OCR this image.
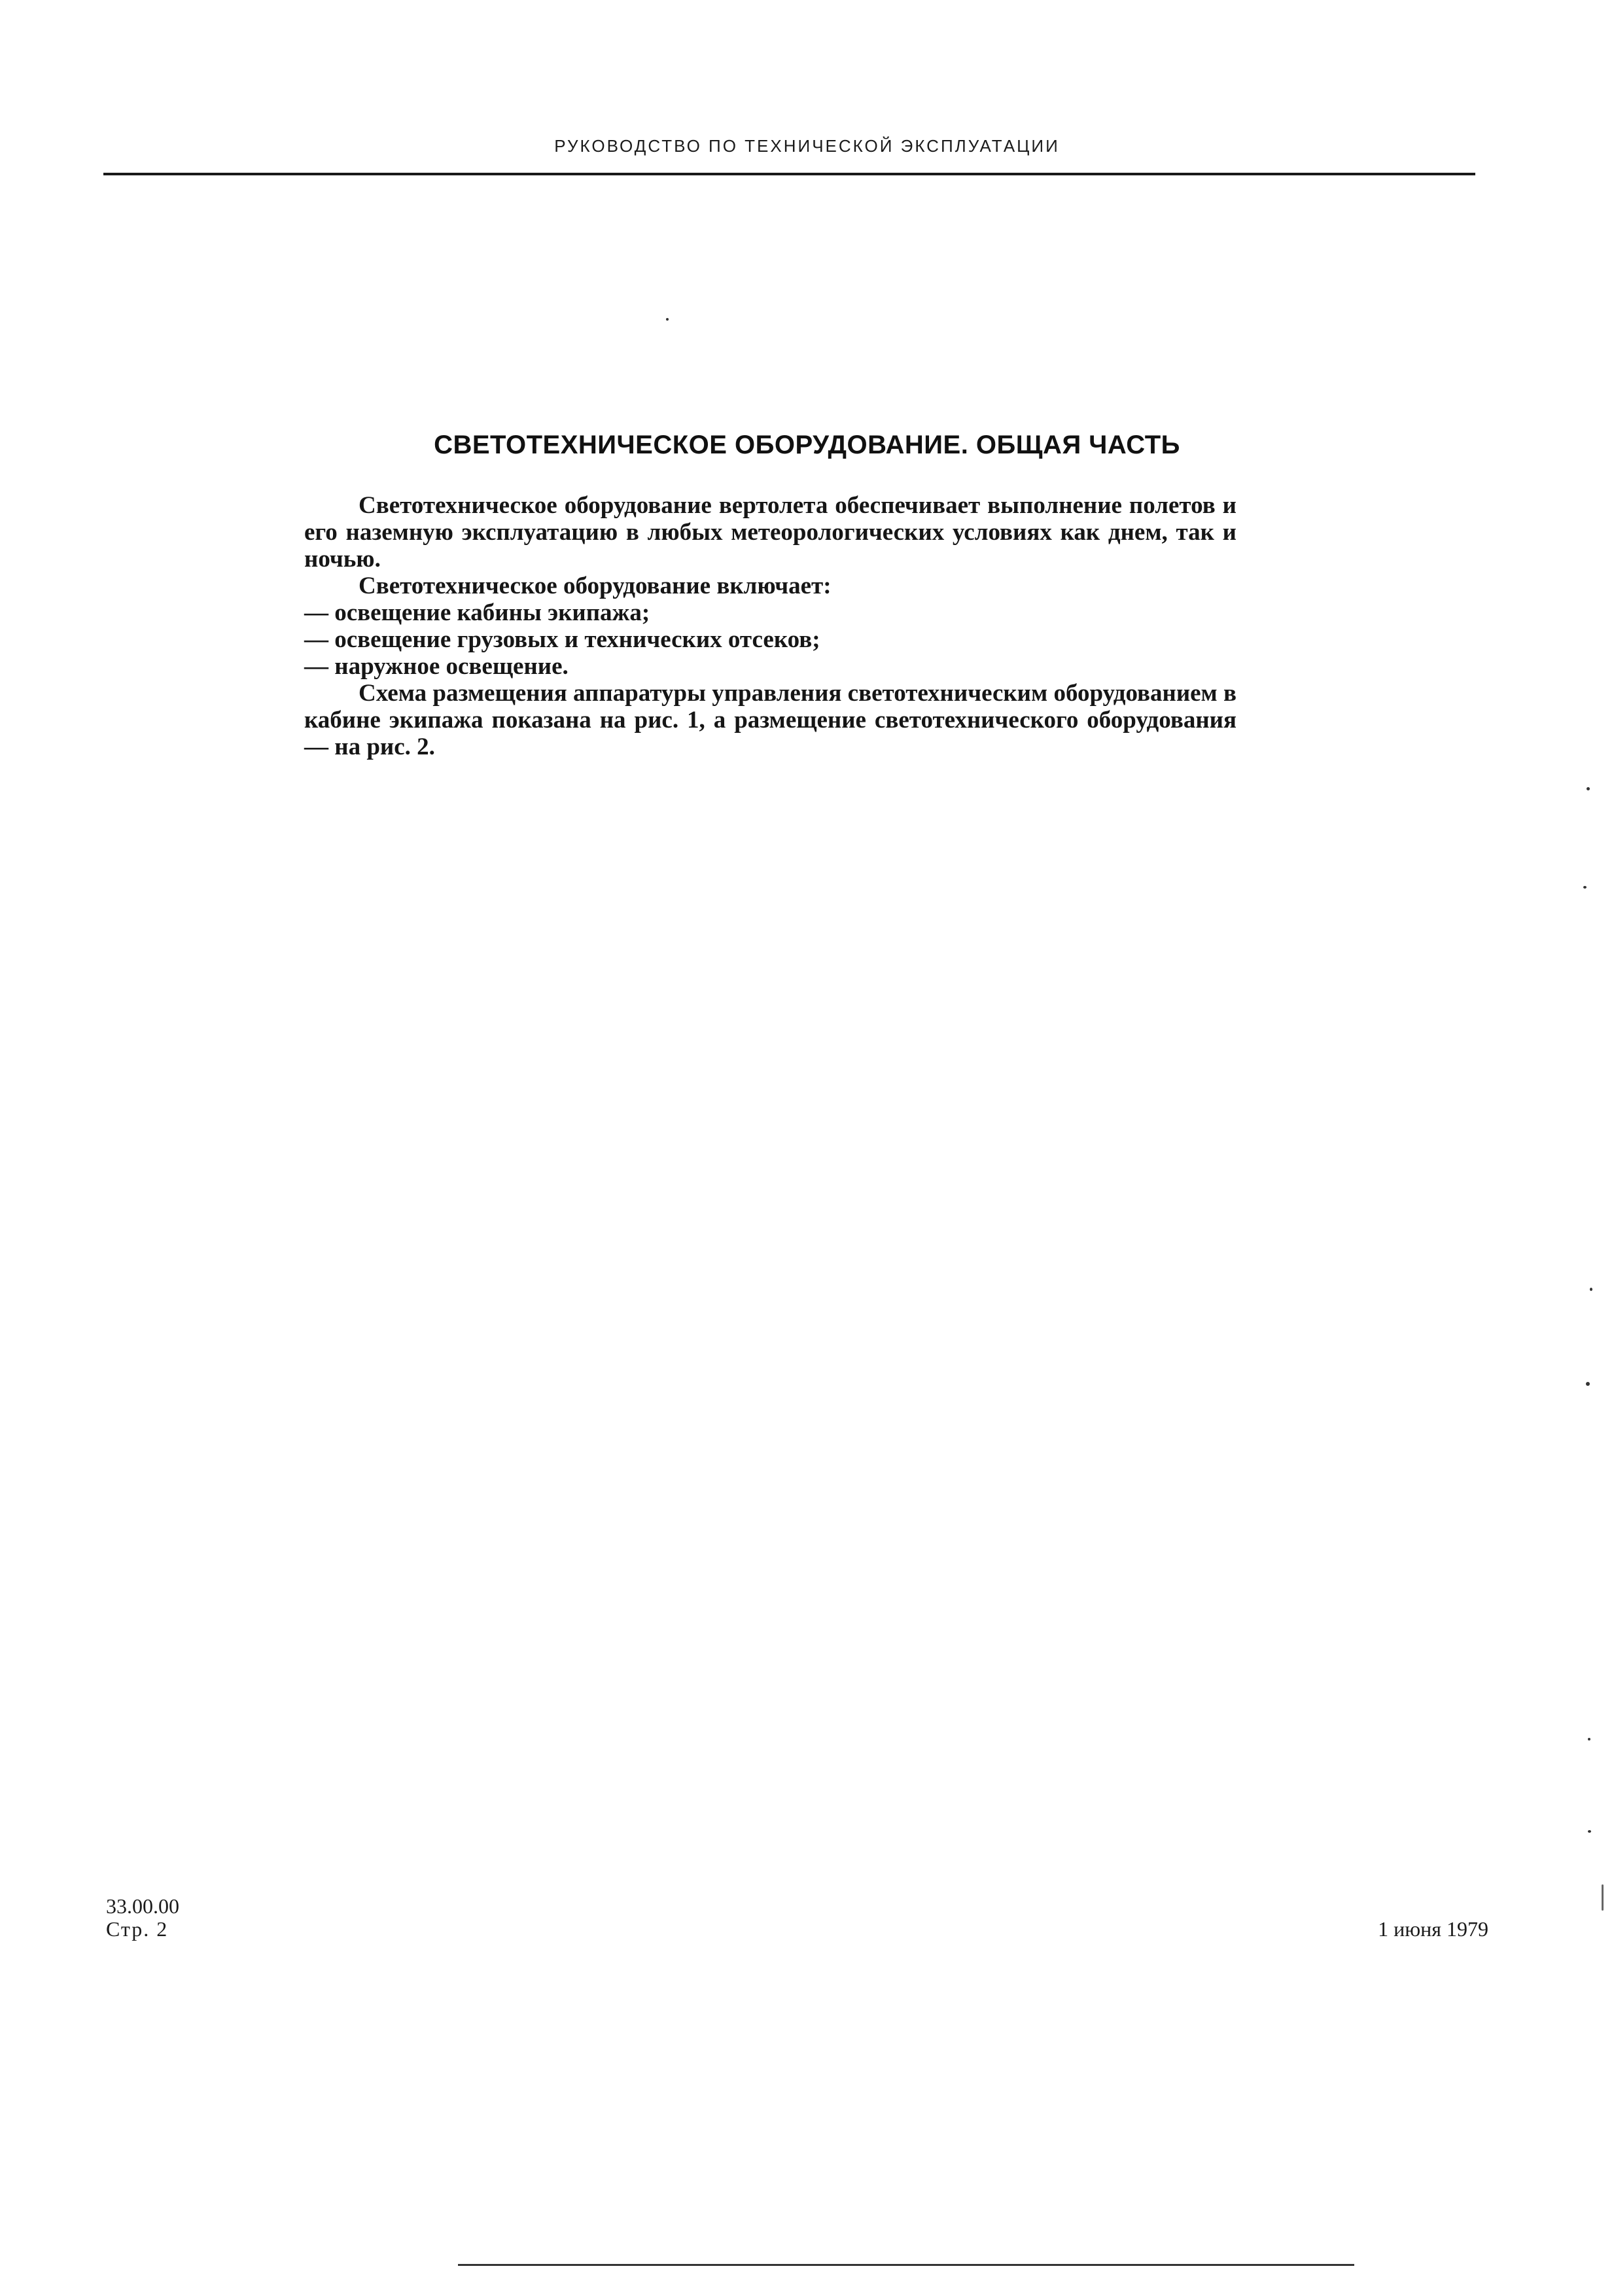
РУКОВОДСТВО ПО ТЕХНИЧЕСКОЙ ЭКСПЛУАТАЦИИ
СВЕТОТЕХНИЧЕСКОЕ ОБОРУДОВАНИЕ. ОБЩАЯ ЧАСТЬ

Светотехническое оборудование вертолета обеспечивает выполнение полетов и его наземную эксплуатацию в любых метеорологических условиях как днем, так и ночью.

Светотехническое оборудование включает:

— освещение кабины экипажа;

— освещение грузовых и технических отсеков;

— наружное освещение.

Схема размещения аппаратуры управления светотехническим оборудованием в кабине экипажа показана на рис. 1, а размещение светотехнического оборудования — на рис. 2.

33.00.00
Стр. 2	1 июня 1979
